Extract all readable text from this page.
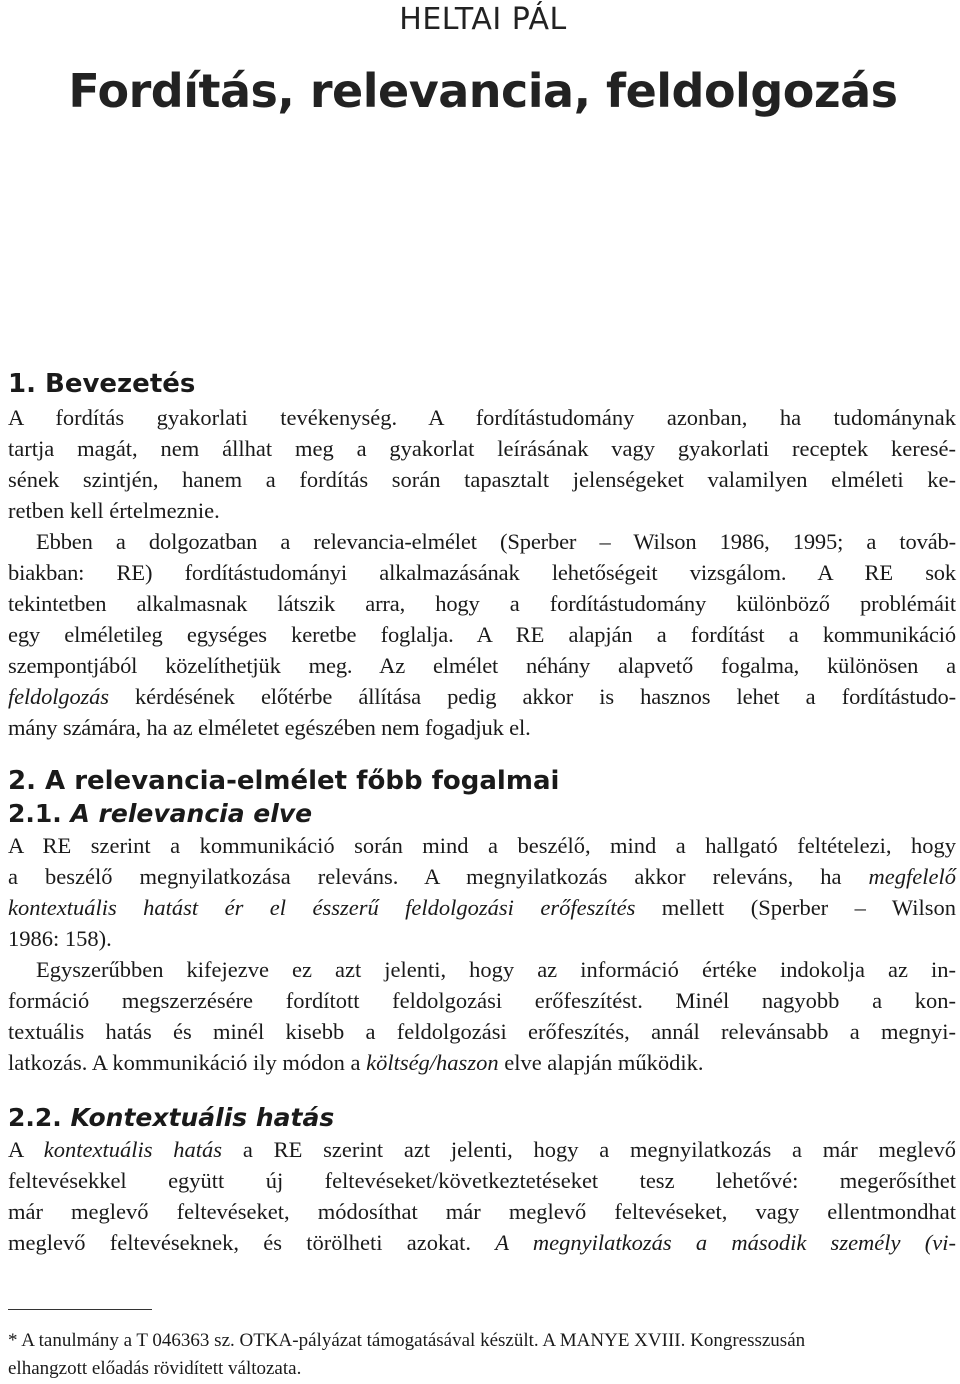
HELTAI PÁL
Fordítás, relevancia, feldolgozás
1. Bevezetés
A fordítás gyakorlati tevékenység. A fordítástudomány azonban, ha tudománynak
tartja magát, nem állhat meg a gyakorlat leírásának vagy gyakorlati receptek keresé-
sének szintjén, hanem a fordítás során tapasztalt jelenségeket valamilyen elméleti ke-
retben kell értelmeznie.
Ebben a dolgozatban a relevancia-elmélet (Sperber – Wilson 1986, 1995; a továb-
biakban: RE) fordítástudományi alkalmazásának lehetőségeit vizsgálom. A RE sok
tekintetben alkalmasnak látszik arra, hogy a fordítástudomány különböző problémáit
egy elméletileg egységes keretbe foglalja. A RE alapján a fordítást a kommunikáció
szempontjából közelíthetjük meg. Az elmélet néhány alapvető fogalma, különösen a
feldolgozás kérdésének előtérbe állítása pedig akkor is hasznos lehet a fordítástudo-
mány számára, ha az elméletet egészében nem fogadjuk el.
2. A relevancia-elmélet főbb fogalmai
2.1. A relevancia elve
A RE szerint a kommunikáció során mind a beszélő, mind a hallgató feltételezi, hogy
a beszélő megnyilatkozása releváns. A megnyilatkozás akkor releváns, ha megfelelő
kontextuális hatást ér el ésszerű feldolgozási erőfeszítés mellett (Sperber – Wilson
1986: 158).
Egyszerűbben kifejezve ez azt jelenti, hogy az információ értéke indokolja az in-
formáció megszerzésére fordított feldolgozási erőfeszítést. Minél nagyobb a kon-
textuális hatás és minél kisebb a feldolgozási erőfeszítés, annál relevánsabb a megnyi-
latkozás. A kommunikáció ily módon a költség/haszon elve alapján működik.
2.2. Kontextuális hatás
A kontextuális hatás a RE szerint azt jelenti, hogy a megnyilatkozás a már meglevő
feltevésekkel együtt új feltevéseket/következtetéseket tesz lehetővé: megerősíthet
már meglevő feltevéseket, módosíthat már meglevő feltevéseket, vagy ellentmondhat
meglevő feltevéseknek, és törölheti azokat. A megnyilatkozás a második személy (vi-
* A tanulmány a T 046363 sz. OTKA-pályázat támogatásával készült. A MANYE XVIII. Kongresszusán
elhangzott előadás rövidített változata.
